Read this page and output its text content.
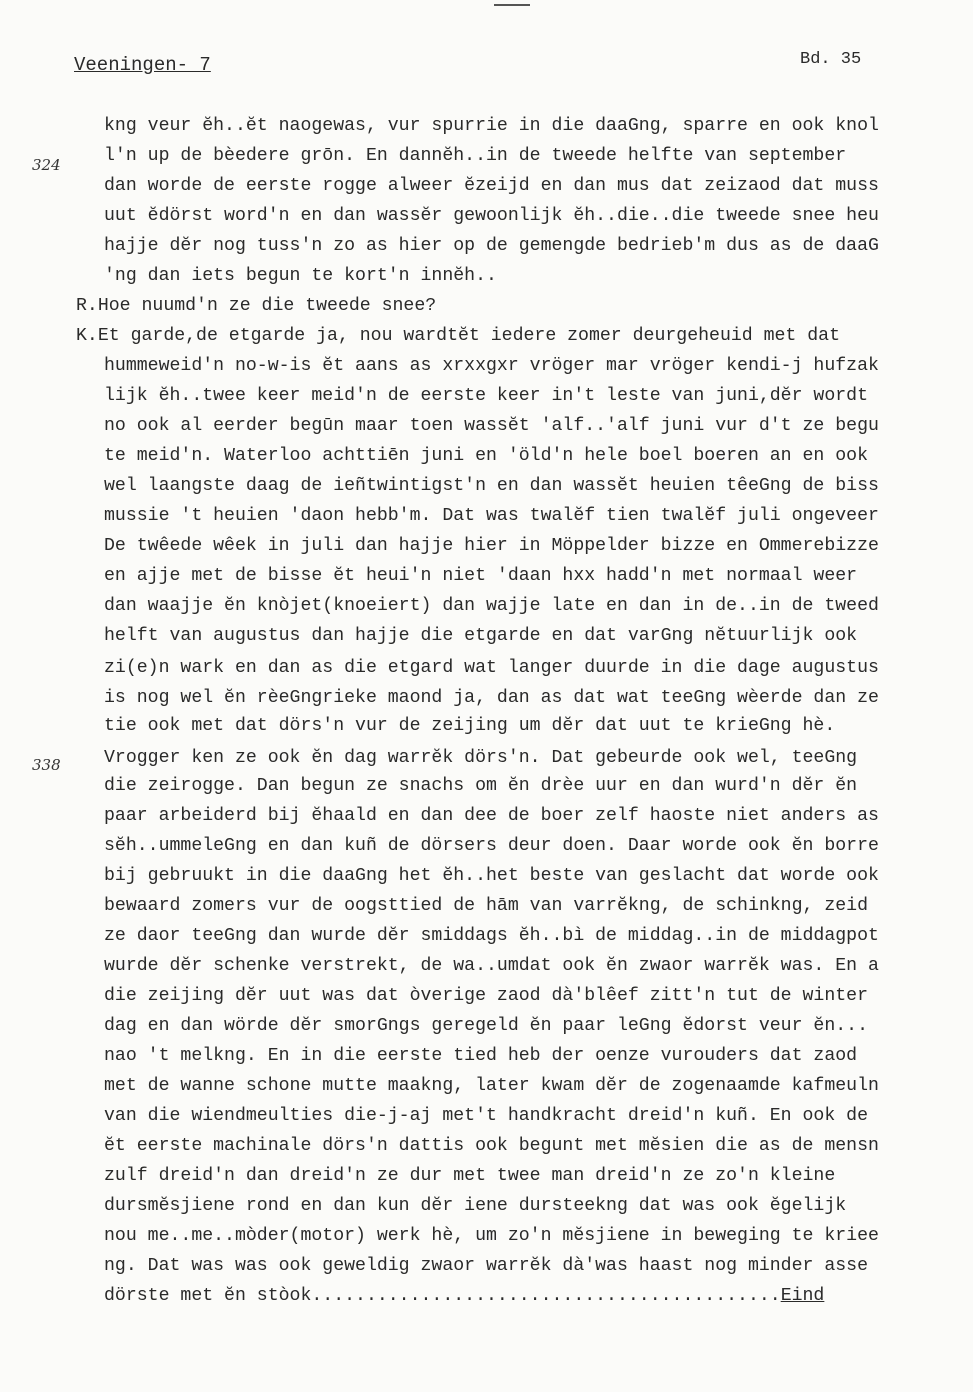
Veeningen- 7	Bd. 35
324
338
kng veur ĕh..ĕt naogewas, vur spurrie in die daaGng, sparre en ook knol
l'n up de bèedere grōn. En dannĕh..in de tweede helfte van september
dan worde de eerste rogge alweer ĕzeijd en dan mus dat zeizaod dat muss
uut ĕdörst word'n en dan wassĕr gewoonlijk ĕh..die..die tweede snee heu
hajje dĕr nog tuss'n zo as hier op de gemengde bedrieb'm dus as de daaG
'ng dan iets begun te kort'n innĕh..
R.Hoe nuumd'n ze die tweede snee?
K.Et garde,de etgarde ja, nou wardtĕt iedere zomer deurgeheuid met dat
hummeweid'n no-w-is ĕt aans as xrxxgxr vröger mar vröger kendi-j hufzak
lijk ĕh..twee keer meid'n de eerste keer in't leste van juni,dĕr wordt
no ook al eerder begūn maar toen wassĕt 'alf..'alf juni vur d't ze begu
te meid'n. Waterloo achttiēn juni en 'öld'n hele boel boeren an en ook
wel laangste daag de ieñtwintigst'n en dan wassĕt heuien têeGng de biss
mussie 't heuien 'daon hebb'm. Dat was twalĕf tien twalĕf juli ongeveer
De twêede wêek in juli dan hajje hier in Möppelder bizze en Ommerebizze
en ajje met de bisse ĕt heui'n niet 'daan hxx hadd'n met normaal weer
dan waajje ĕn knòjet(knoeiert) dan wajje late en dan in de..in de tweed
helft van augustus dan hajje die etgarde en dat varGng nĕtuurlijk ook
zi(e)n wark en dan as die etgard wat langer duurde in die dage augustus
is nog wel ĕn rèeGngrieke maond ja, dan as dat wat teeGng wèerde dan ze
tie ook met dat dörs'n vur de zeijing um dĕr dat uut te krieGng hè.
Vrogger ken ze ook ĕn dag warrĕk dörs'n. Dat gebeurde ook wel, teeGng
die zeirogge. Dan begun ze snachs om ĕn drèe uur en dan wurd'n dĕr ĕn
paar arbeiderd bij ĕhaald en dan dee de boer zelf haoste niet anders as
sĕh..ummeleGng en dan kuñ de dörsers deur doen. Daar worde ook ĕn borre
bij gebruukt in die daaGng het ĕh..het beste van geslacht dat worde ook
bewaard zomers vur de oogsttied de hām van varrĕkng, de schinkng, zeid
ze daor teeGng dan wurde dĕr smiddags ĕh..bì de middag..in de middagpot
wurde dĕr schenke verstrekt, de wa..umdat ook ĕn zwaor warrĕk was. En a
die zeijing dĕr uut was dat òverige zaod dà'blêef zitt'n tut de winter
dag en dan wörde dĕr smorGngs geregeld ĕn paar leGng ĕdorst veur ĕn...
nao 't melkng. En in die eerste tied heb der oenze vurouders dat zaod
met de wanne schone mutte maakng, later kwam dĕr de zogenaamde kafmeuln
van die wiendmeulties die-j-aj met't handkracht dreid'n kuñ. En ook de
ĕt eerste machinale dörs'n dattis ook begunt met mĕsien die as de mensn
zulf dreid'n dan dreid'n ze dur met twee man dreid'n ze zo'n kleine
dursmĕsjiene rond en dan kun dĕr iene dursteekng dat was ook ĕgelijk
nou me..me..mòder(motor) werk hè, um zo'n mĕsjiene in beweging te kriee
ng. Dat was was ook geweldig zwaor warrĕk dà'was haast nog minder asse
dörste met ĕn stòok...........................................Eind
